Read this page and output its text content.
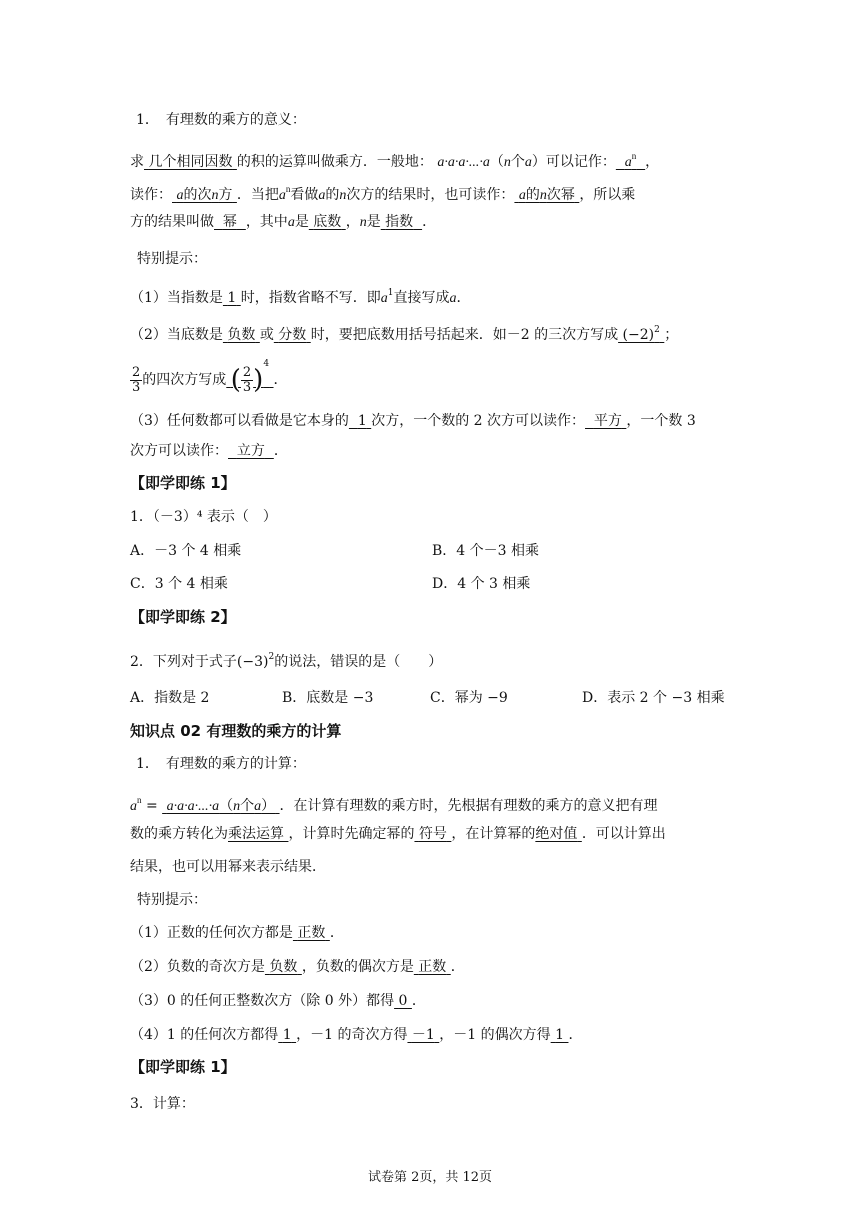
1．　有理数的乘方的意义：
求 几个相同因数 的积的运算叫做乘方．一般地： a·a·a·...·a（n个a）可以记作： $a^n$ ，
读作： a的次n方 ．当把$a^n$看做a的n次方的结果时，也可读作： a的n次幂 ，所以乘
方的结果叫做 幂 ，其中a是 底数 ，n是 指数 ．
特别提示：
（1）当指数是 1 时，指数省略不写．即$a^1$直接写成a．
（2）当底数是 负数 或 分数 时，要把底数用括号括起来．如－2 的三次方写成 $(-2)^2$ ；
$\frac{2}{3}$ 的四次方写成 ( $\frac{2}{3} )^4$ ．
（3）任何数都可以看做是它本身的 1 次方，一个数的 2 次方可以读作： 平方 ，一个数 3
次方可以读作： 立方 ．
【即学即练 1】
1．（－3）⁴ 表示（　）
A．－3 个 4 相乘	B．4 个－3 相乘
C．3 个 4 相乘	D．4 个 3 相乘
【即学即练 2】
2．下列对于式子$(-3)^2$的说法，错误的是（　　）
A．指数是 2	B．底数是 −3	C．幂为 −9	D．表示 2 个 −3 相乘
知识点 02 有理数的乘方的计算
1．　有理数的乘方的计算：
$a^n = a\cdot a\cdot a\cdot...\cdot a(n$个a） ．在计算有理数的乘方时，先根据有理数的乘方的意义把有理
数的乘方转化为乘法运算 ，计算时先确定幂的 符号 ，在计算幂的绝对值 ．可以计算出
结果，也可以用幂来表示结果．
特别提示：
（1）正数的任何次方都是 正数 ．
（2）负数的奇次方是 负数 ，负数的偶次方是 正数 ．
（3）0 的任何正整数次方（除 0 外）都得 0 ．
（4）1 的任何次方都得 1 ，－1 的奇次方得 －1 ，－1 的偶次方得 1 ．
【即学即练 1】
3．计算：
试卷第 2页，共 12页
